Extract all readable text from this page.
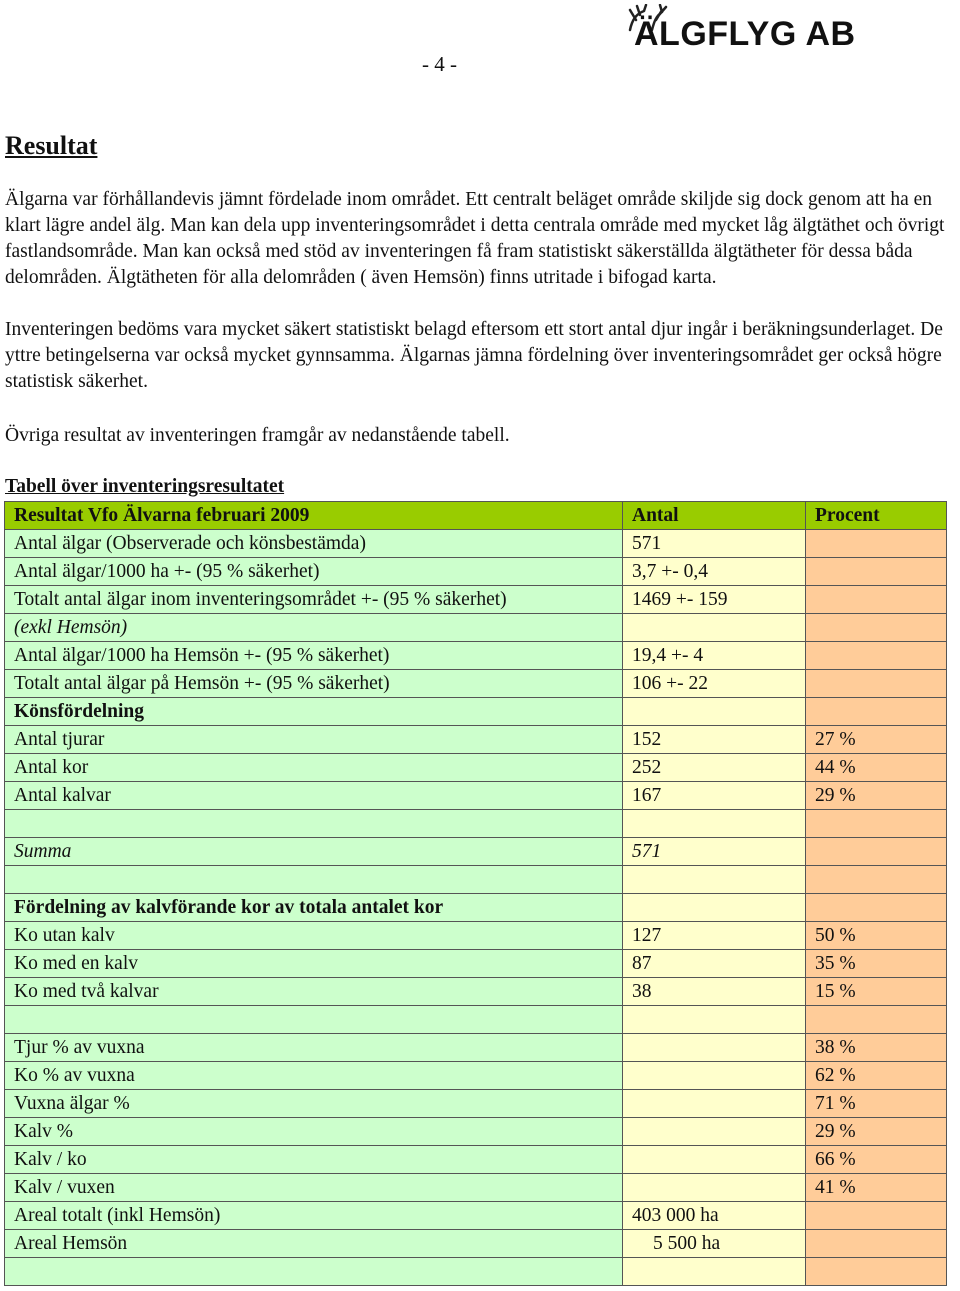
- 4 -
ÄLGFLYG AB
Resultat

Älgarna var förhållandevis jämnt fördelade inom området. Ett centralt beläget område skiljde sig dock genom att ha en klart lägre andel älg. Man kan dela upp inventeringsområdet i detta centrala område med mycket låg älgtäthet och övrigt fastlandsområde. Man kan också med stöd av inventeringen få fram statistiskt säkerställda älgtätheter för dessa båda delområden. Älgtätheten för alla delområden ( även Hemsön) finns utritade i bifogad karta.

Inventeringen bedöms vara mycket säkert statistiskt belagd eftersom ett stort antal djur ingår i beräkningsunderlaget. De yttre betingelserna var också mycket gynnsamma. Älgarnas jämna fördelning över inventeringsområdet ger också högre statistisk säkerhet.

Övriga resultat av inventeringen framgår av nedanstående tabell.

Tabell över inventeringsresultatet

Resultat Vfo Älvarna februari 2009	Antal	Procent
Antal älgar (Observerade och könsbestämda)	571	
Antal älgar/1000 ha +- (95 % säkerhet)	3,7 +- 0,4	
Totalt antal älgar inom inventeringsområdet +- (95 % säkerhet)	1469 +- 159	
(exkl Hemsön)		
Antal älgar/1000 ha Hemsön +- (95 % säkerhet)	19,4 +- 4	
Totalt antal älgar på Hemsön +- (95 % säkerhet)	106 +- 22	
Könsfördelning		
Antal tjurar	152	27 %
Antal kor	252	44 %
Antal kalvar	167	29 %

Summa	571	

Fördelning av kalvförande kor av totala antalet kor		
Ko utan kalv	127	50 %
Ko med en kalv	87	35 %
Ko med två kalvar	38	15 %

Tjur % av vuxna		38 %
Ko % av vuxna		62 %
Vuxna älgar %		71 %
Kalv %		29 %
Kalv / ko		66 %
Kalv / vuxen		41 %
Areal totalt (inkl Hemsön)	403 000 ha	
Areal Hemsön	5 500 ha	
